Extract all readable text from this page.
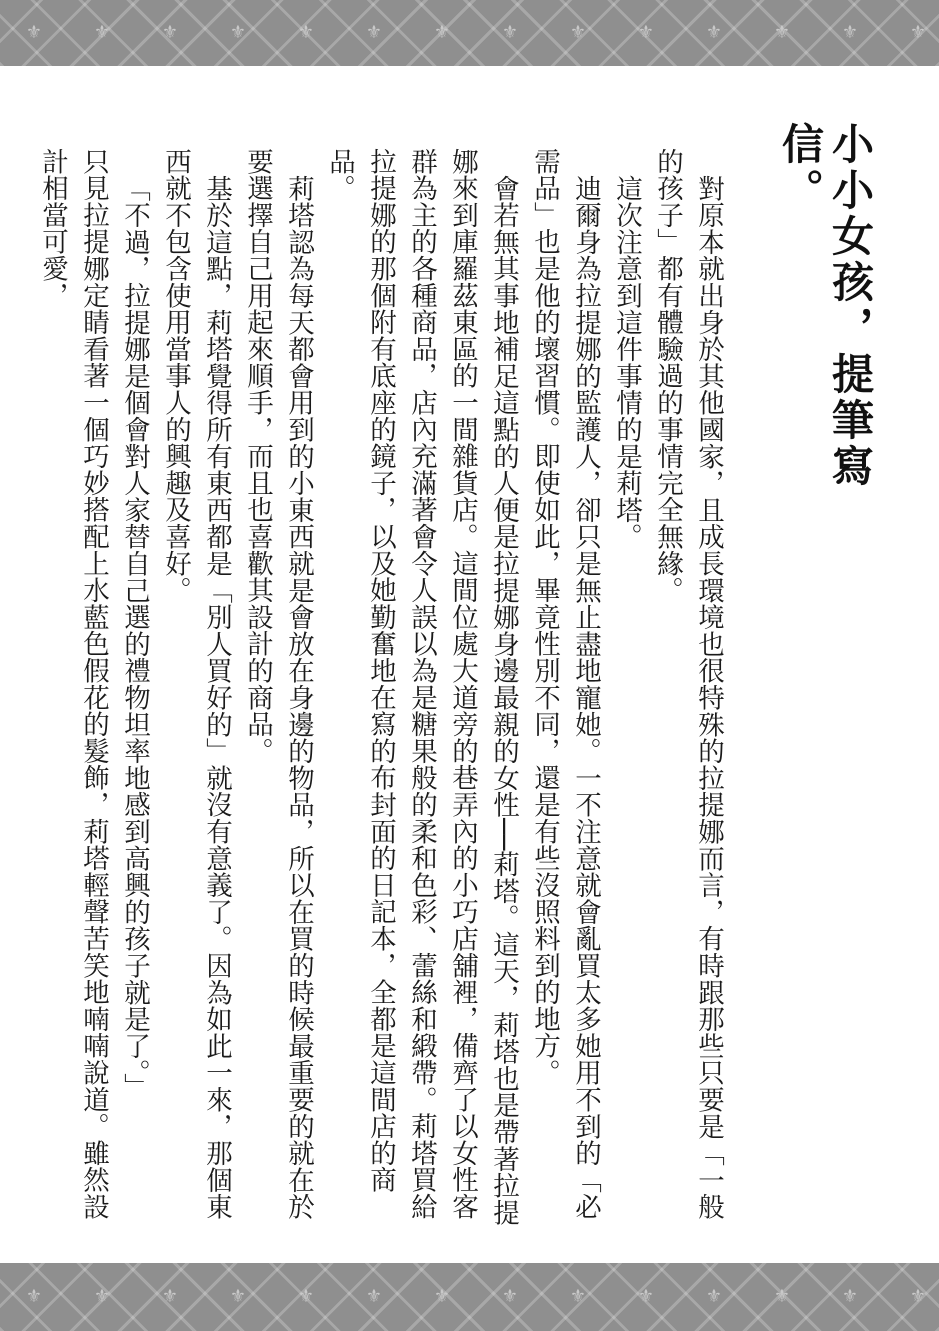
⚜	⚜	⚜	⚜	⚜	⚜	⚜	⚜	⚜	⚜	⚜	⚜	⚜	⚜
小小女孩，提筆寫信。

對原本就出身於其他國家，且成長環境也很特殊的拉提娜而言，有時跟那些只要是「一般的孩子」都有體驗過的事情完全無緣。

這次注意到這件事情的是莉塔。

迪爾身為拉提娜的監護人，卻只是無止盡地寵她。一不注意就會亂買太多她用不到的「必需品」也是他的壞習慣。即使如此，畢竟性別不同，還是有些沒照料到的地方。

會若無其事地補足這點的人便是拉提娜身邊最親的女性──莉塔。這天，莉塔也是帶著拉提娜來到庫羅茲東區的一間雜貨店。這間位處大道旁的巷弄內的小巧店舖裡，備齊了以女性客群為主的各種商品，店內充滿著會令人誤以為是糖果般的柔和色彩、蕾絲和緞帶。莉塔買給拉提娜的那個附有底座的鏡子，以及她勤奮地在寫的布封面的日記本，全都是這間店的商品。

莉塔認為每天都會用到的小東西就是會放在身邊的物品，所以在買的時候最重要的就在於要選擇自己用起來順手，而且也喜歡其設計的商品。

基於這點，莉塔覺得所有東西都是「別人買好的」就沒有意義了。因為如此一來，那個東西就不包含使用當事人的興趣及喜好。

「不過，拉提娜是個會對人家替自己選的禮物坦率地感到高興的孩子就是了。」

只見拉提娜定睛看著一個巧妙搭配上水藍色假花的髮飾，莉塔輕聲苦笑地喃喃說道。雖然設計相當可愛，

⚜	⚜	⚜	⚜	⚜	⚜	⚜	⚜	⚜	⚜	⚜	⚜	⚜	⚜
